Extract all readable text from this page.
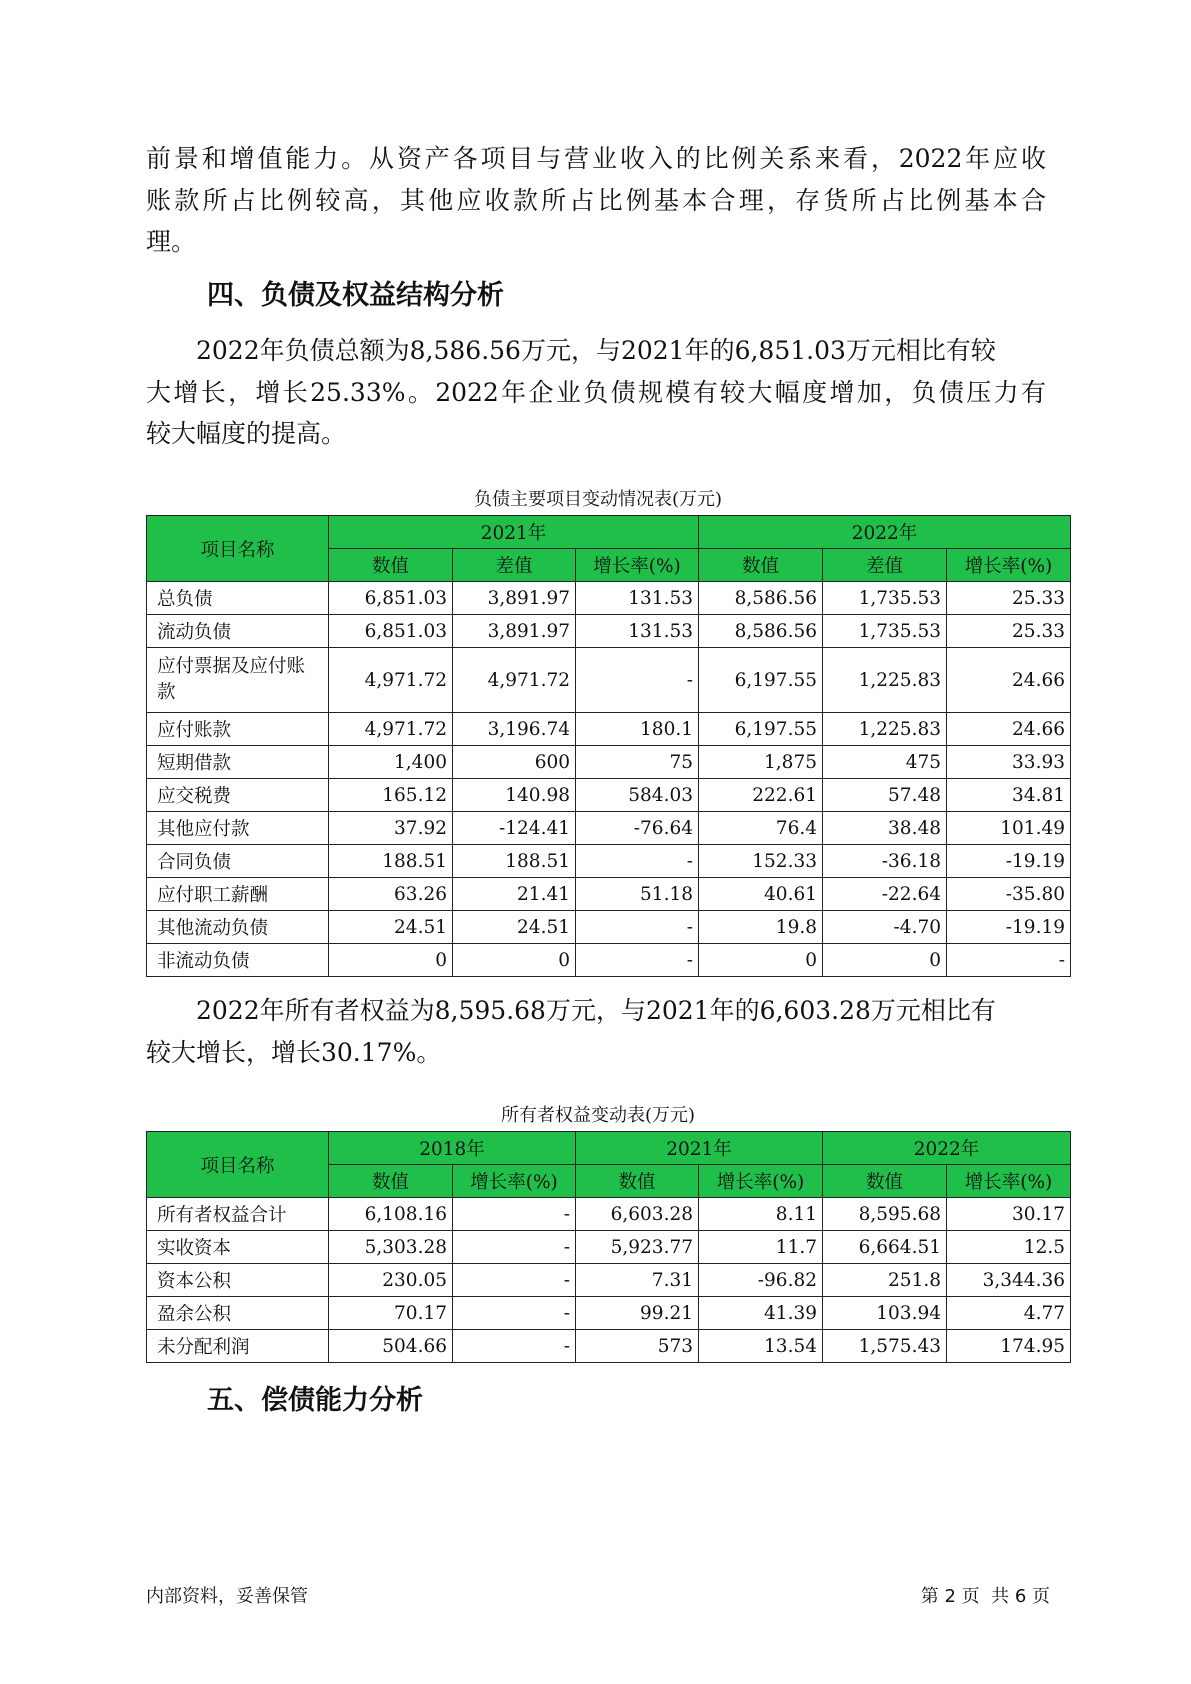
前景和增值能力。从资产各项目与营业收入的比例关系来看，2022年应收
账款所占比例较高，其他应收款所占比例基本合理，存货所占比例基本合
理。
四、负债及权益结构分析
2022年负债总额为8,586.56万元，与2021年的6,851.03万元相比有较
大增长，增长25.33%。2022年企业负债规模有较大幅度增加，负债压力有
较大幅度的提高。

负债主要项目变动情况表(万元)

项目名称	2021年			2022年		
	数值	差值	增长率(%)	数值	差值	增长率(%)
总负债	6,851.03	3,891.97	131.53	8,586.56	1,735.53	25.33
流动负债	6,851.03	3,891.97	131.53	8,586.56	1,735.53	25.33
应付票据及应付账款	4,971.72	4,971.72	-	6,197.55	1,225.83	24.66
应付账款	4,971.72	3,196.74	180.1	6,197.55	1,225.83	24.66
短期借款	1,400	600	75	1,875	475	33.93
应交税费	165.12	140.98	584.03	222.61	57.48	34.81
其他应付款	37.92	-124.41	-76.64	76.4	38.48	101.49
合同负债	188.51	188.51	-	152.33	-36.18	-19.19
应付职工薪酬	63.26	21.41	51.18	40.61	-22.64	-35.80
其他流动负债	24.51	24.51	-	19.8	-4.70	-19.19
非流动负债	0	0	-	0	0	-
2022年所有者权益为8,595.68万元，与2021年的6,603.28万元相比有
较大增长，增长30.17%。

所有者权益变动表(万元)

项目名称	2018年		2021年		2022年	
	数值	增长率(%)	数值	增长率(%)	数值	增长率(%)
所有者权益合计	6,108.16	-	6,603.28	8.11	8,595.68	30.17
实收资本	5,303.28	-	5,923.77	11.7	6,664.51	12.5
资本公积	230.05	-	7.31	-96.82	251.8	3,344.36
盈余公积	70.17	-	99.21	41.39	103.94	4.77
未分配利润	504.66	-	573	13.54	1,575.43	174.95
五、偿债能力分析
内部资料，妥善保管	第 2 页  共 6 页
